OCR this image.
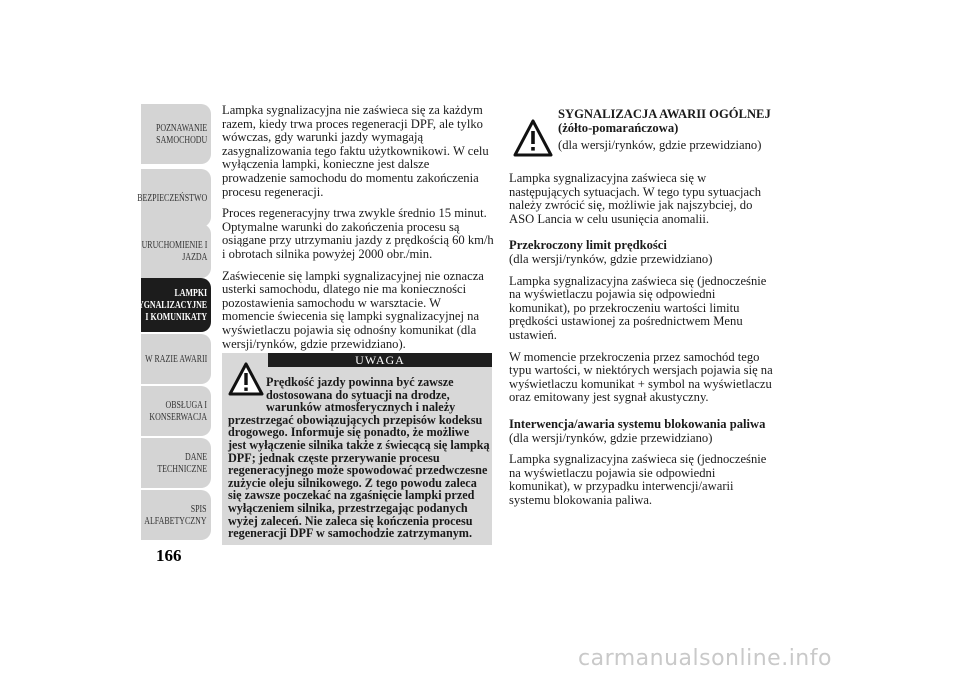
POZNAWANIE
SAMOCHODU
BEZPIECZEŃSTWO
URUCHOMIENIE I
JAZDA
LAMPKI
SYGNALIZACYJNE
I KOMUNIKATY
W RAZIE AWARII
OBSŁUGA I
KONSERWACJA
DANE
TECHNICZNE
SPIS
ALFABETYCZNY
166

Lampka sygnalizacyjna nie zaświeca się za każdym razem, kiedy trwa proces regeneracji DPF, ale tylko wówczas, gdy warunki jazdy wymagają zasygnalizowania tego faktu użytkownikowi. W celu wyłączenia lampki, konieczne jest dalsze prowadzenie samochodu do momentu zakończenia procesu regeneracji.

Proces regeneracyjny trwa zwykle średnio 15 minut. Optymalne warunki do zakończenia procesu są osiągane przy utrzymaniu jazdy z prędkością 60 km/h i obrotach silnika powyżej 2000 obr./min.

Zaświecenie się lampki sygnalizacyjnej nie oznacza usterki samochodu, dlatego nie ma konieczności pozostawienia samochodu w warsztacie. W momencie świecenia się lampki sygnalizacyjnej na wyświetlaczu pojawia się odnośny komunikat (dla wersji/rynków, gdzie przewidziano).

UWAGA
Prędkość jazdy powinna być zawsze dostosowana do sytuacji na drodze, warunków atmosferycznych i należy przestrzegać obowiązujących przepisów kodeksu drogowego. Informuje się ponadto, że możliwe jest wyłączenie silnika także z świecącą się lampką DPF; jednak częste przerywanie procesu regeneracyjnego może spowodować przedwczesne zużycie oleju silnikowego. Z tego powodu zaleca się zawsze poczekać na zgaśnięcie lampki przed wyłączeniem silnika, przestrzegając podanych wyżej zaleceń. Nie zaleca się kończenia procesu regeneracji DPF w samochodzie zatrzymanym.
SYGNALIZACJA AWARII OGÓLNEJ
(żółto-pomarańczowa)
(dla wersji/rynków, gdzie przewidziano)

Lampka sygnalizacyjna zaświeca się w następujących sytuacjach. W tego typu sytuacjach należy zwrócić się, możliwie jak najszybciej, do ASO Lancia w celu usunięcia anomalii.

Przekroczony limit prędkości

(dla wersji/rynków, gdzie przewidziano)

Lampka sygnalizacyjna zaświeca się (jednocześnie na wyświetlaczu pojawia się odpowiedni komunikat), po przekroczeniu wartości limitu prędkości ustawionej za pośrednictwem Menu ustawień.

W momencie przekroczenia przez samochód tego typu wartości, w niektórych wersjach pojawia się na wyświetlaczu komunikat + symbol na wyświetlaczu oraz emitowany jest sygnał akustyczny.

Interwencja/awaria systemu blokowania paliwa

(dla wersji/rynków, gdzie przewidziano)

Lampka sygnalizacyjna zaświeca się (jednocześnie na wyświetlaczu pojawia sie odpowiedni komunikat), w przypadku interwencji/awarii systemu blokowania paliwa.

carmanualsonline.info
